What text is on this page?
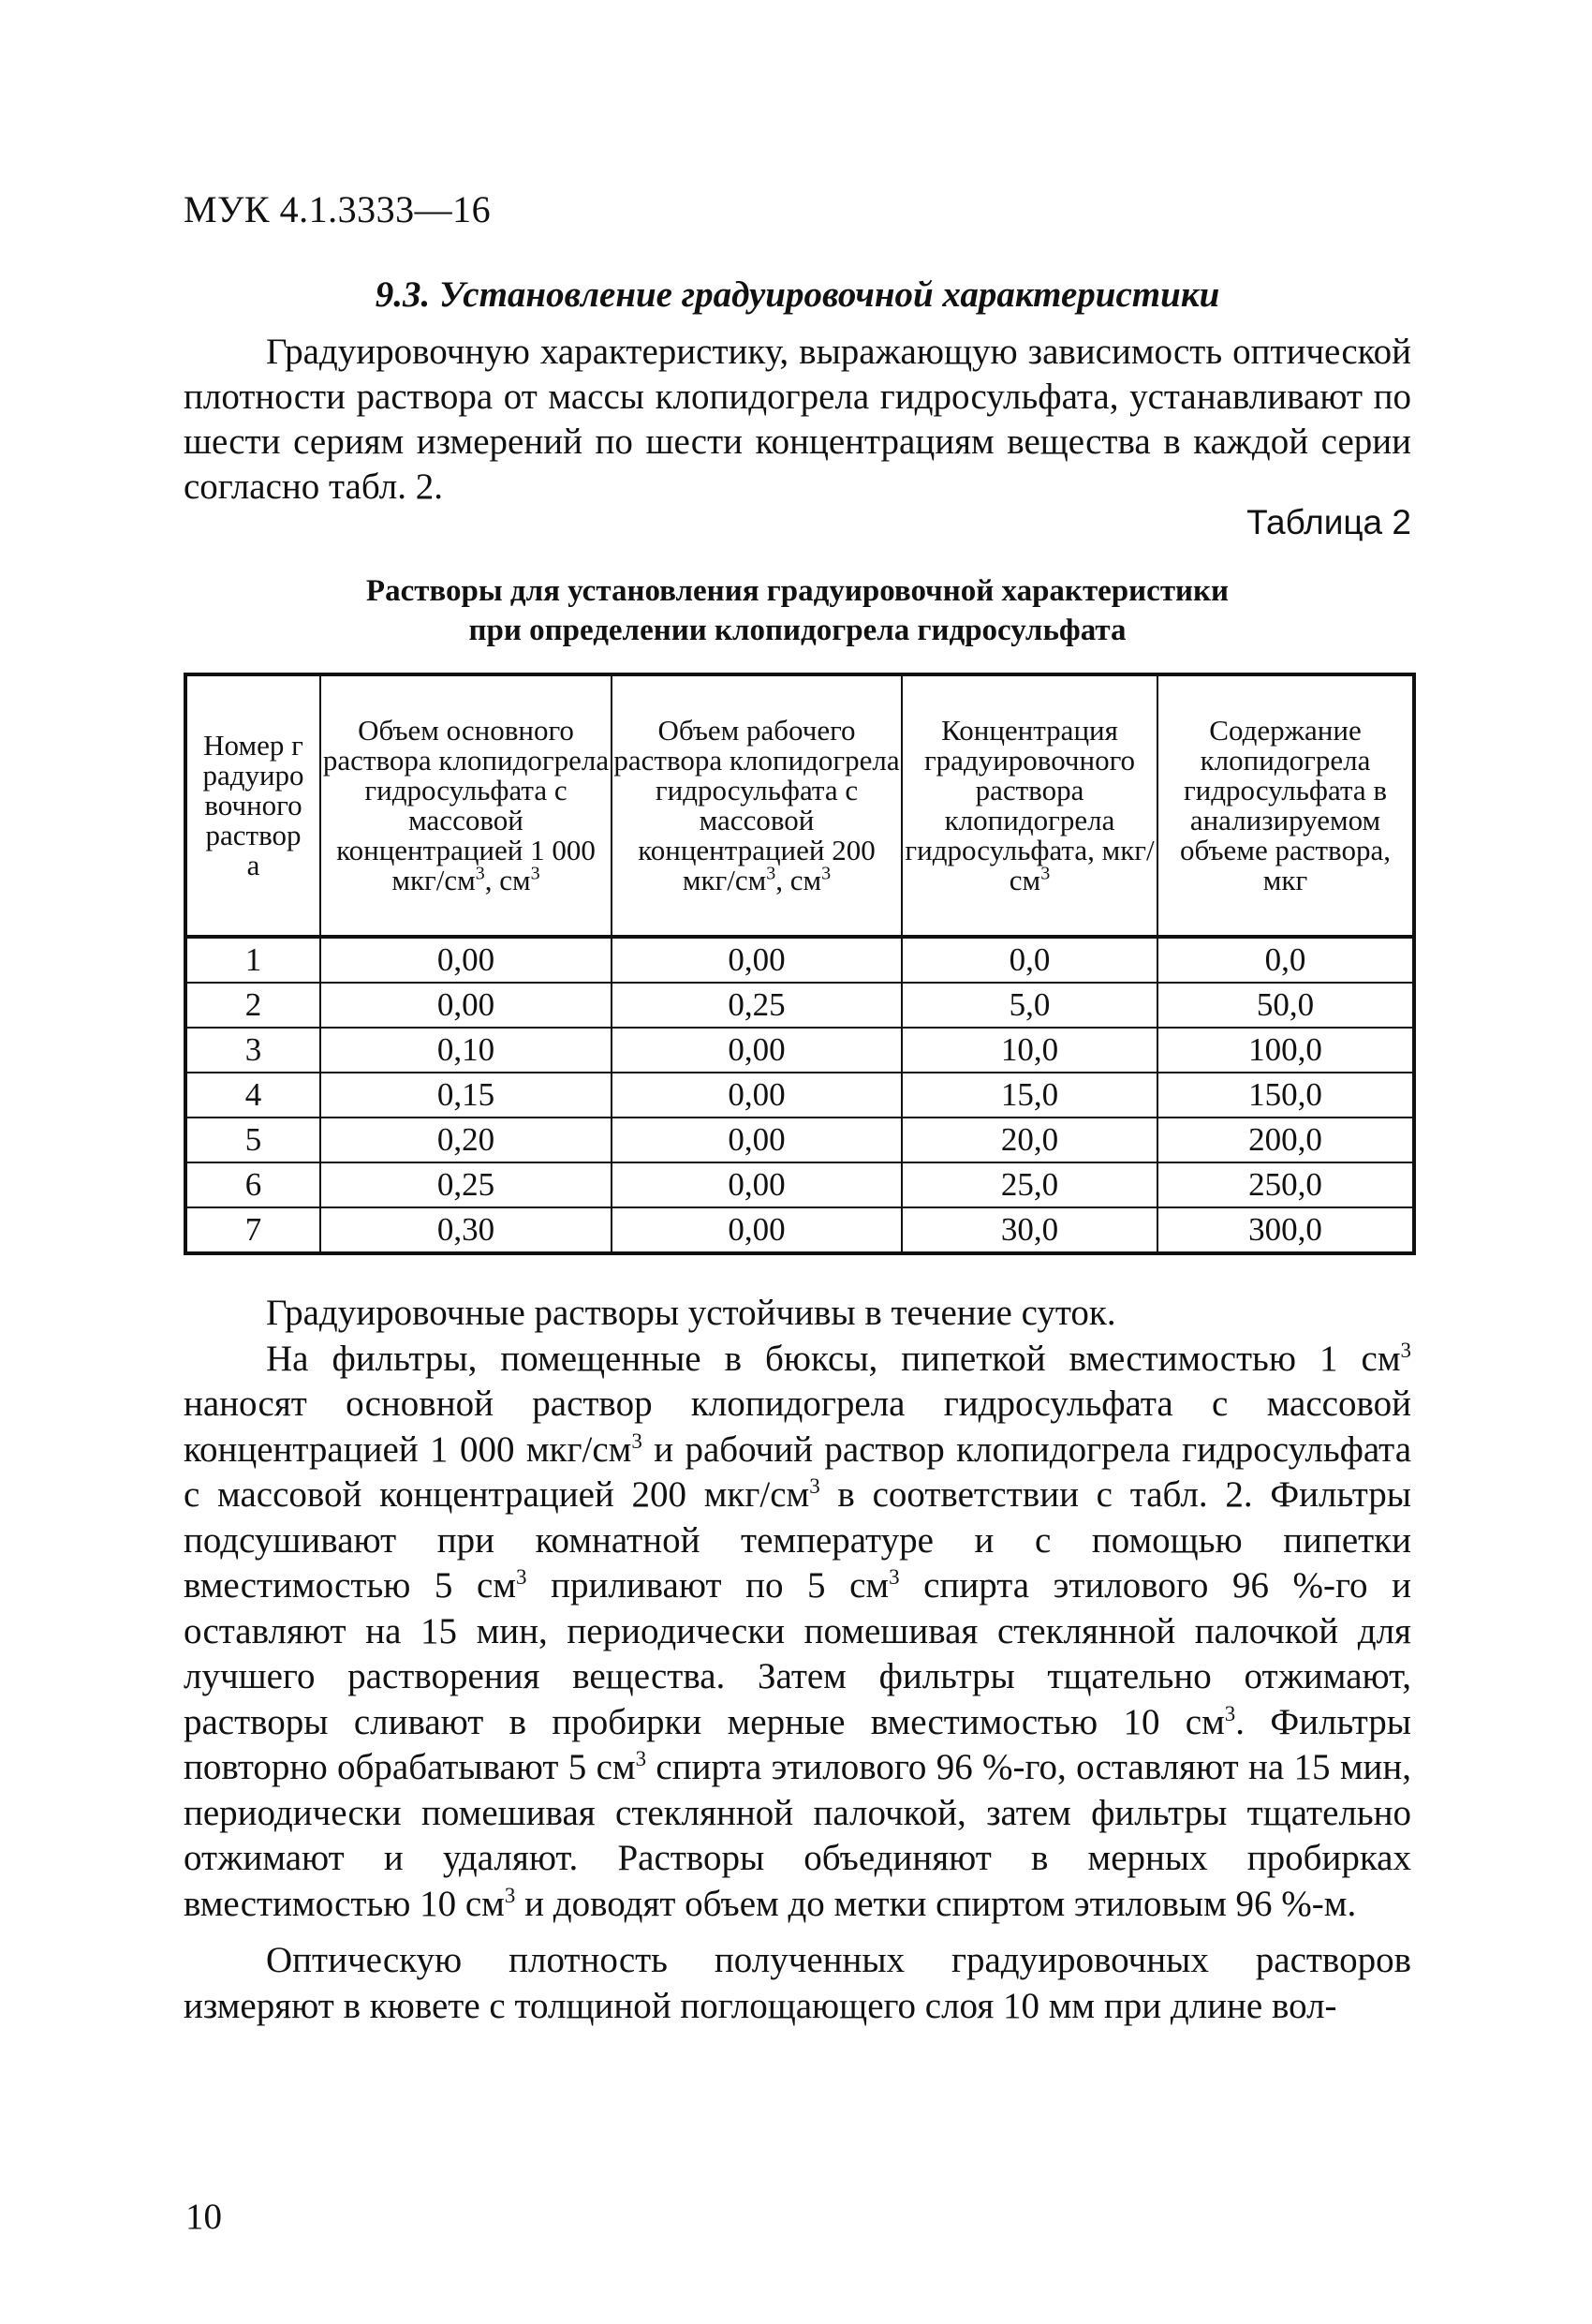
МУК 4.1.3333—16
9.3. Установление градуировочной характеристики

Градуировочную характеристику, выражающую зависимость оптической плотности раствора от массы клопидогрела гидросульфата, устанавливают по шести сериям измерений по шести концентрациям вещества в каждой серии согласно табл. 2.

Таблица 2

Растворы для установления градуировочной характеристики
при определении клопидогрела гидросульфата

Номер градуировочного раствора	Объем основного раствора клопидогрела гидросульфата с массовой концентрацией 1 000 мкг/$см^3$, $см^3$	Объем рабочего раствора клопидогрела гидросульфата с массовой концентрацией 200 мкг/$см^3$, $см^3$	Концентрация градуировочного раствора клопидогрела гидросульфата, мкг/$см^3$	Содержание клопидогрела гидросульфата в анализируемом объеме раствора, мкг
1	0,00	0,00	0,0	0,0
2	0,00	0,25	5,0	50,0
3	0,10	0,00	10,0	100,0
4	0,15	0,00	15,0	150,0
5	0,20	0,00	20,0	200,0
6	0,25	0,00	25,0	250,0
7	0,30	0,00	30,0	300,0

Градуировочные растворы устойчивы в течение суток.

На фильтры, помещенные в бюксы, пипеткой вместимостью 1 $см^3$ наносят основной раствор клопидогрела гидросульфата с массовой концентрацией 1 000 мкг/$см^3$ и рабочий раствор клопидогрела гидросульфата с массовой концентрацией 200 мкг/$см^3$ в соответствии с табл. 2. Фильтры подсушивают при комнатной температуре и с помощью пипетки вместимостью 5 $см^3$ приливают по 5 $см^3$ спирта этилового 96 %-го и оставляют на 15 мин, периодически помешивая стеклянной палочкой для лучшего растворения вещества. Затем фильтры тщательно отжимают, растворы сливают в пробирки мерные вместимостью 10 $см^3$. Фильтры повторно обрабатывают 5 $см^3$ спирта этилового 96 %-го, оставляют на 15 мин, периодически помешивая стеклянной палочкой, затем фильтры тщательно отжимают и удаляют. Растворы объединяют в мерных пробирках вместимостью 10 $см^3$ и доводят объем до метки спиртом этиловым 96 %-м.

Оптическую плотность полученных градуировочных растворов измеряют в кювете с толщиной поглощающего слоя 10 мм при длине вол-

10
